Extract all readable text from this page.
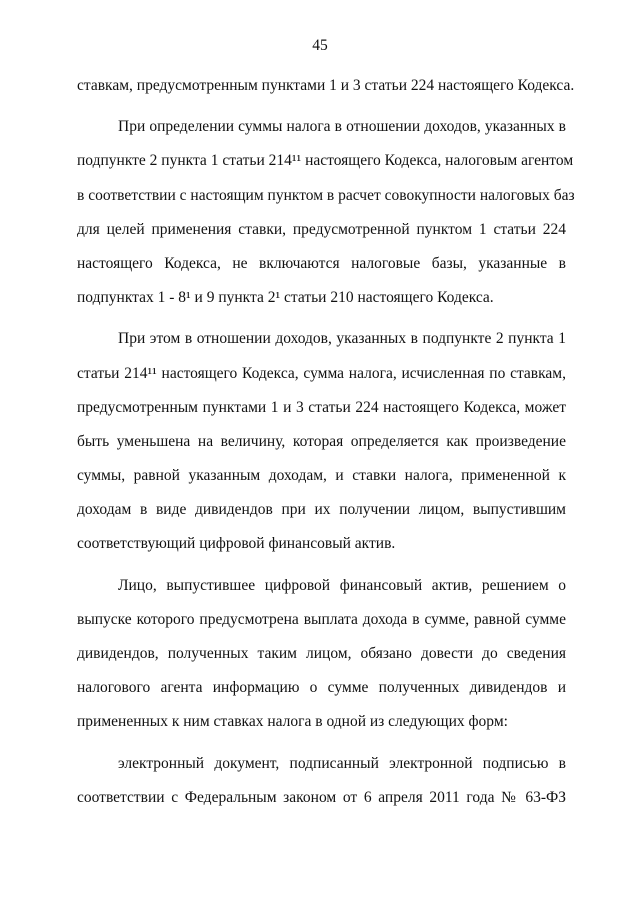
45
ставкам, предусмотренным пунктами 1 и 3 статьи 224 настоящего Кодекса.
При определении суммы налога в отношении доходов, указанных в
подпункте 2 пункта 1 статьи 214¹¹ настоящего Кодекса, налоговым агентом
в соответствии с настоящим пунктом в расчет совокупности налоговых баз
для целей применения ставки, предусмотренной пунктом 1 статьи 224
настоящего Кодекса, не включаются налоговые базы, указанные в
подпунктах 1 - 8¹ и 9 пункта 2¹ статьи 210 настоящего Кодекса.
При этом в отношении доходов, указанных в подпункте 2 пункта 1
статьи 214¹¹ настоящего Кодекса, сумма налога, исчисленная по ставкам,
предусмотренным пунктами 1 и 3 статьи 224 настоящего Кодекса, может
быть уменьшена на величину, которая определяется как произведение
суммы, равной указанным доходам, и ставки налога, примененной к
доходам в виде дивидендов при их получении лицом, выпустившим
соответствующий цифровой финансовый актив.
Лицо, выпустившее цифровой финансовый актив, решением о
выпуске которого предусмотрена выплата дохода в сумме, равной сумме
дивидендов, полученных таким лицом, обязано довести до сведения
налогового агента информацию о сумме полученных дивидендов и
примененных к ним ставках налога в одной из следующих форм:
электронный документ, подписанный электронной подписью в
соответствии с Федеральным законом от 6 апреля 2011 года № 63-ФЗ
